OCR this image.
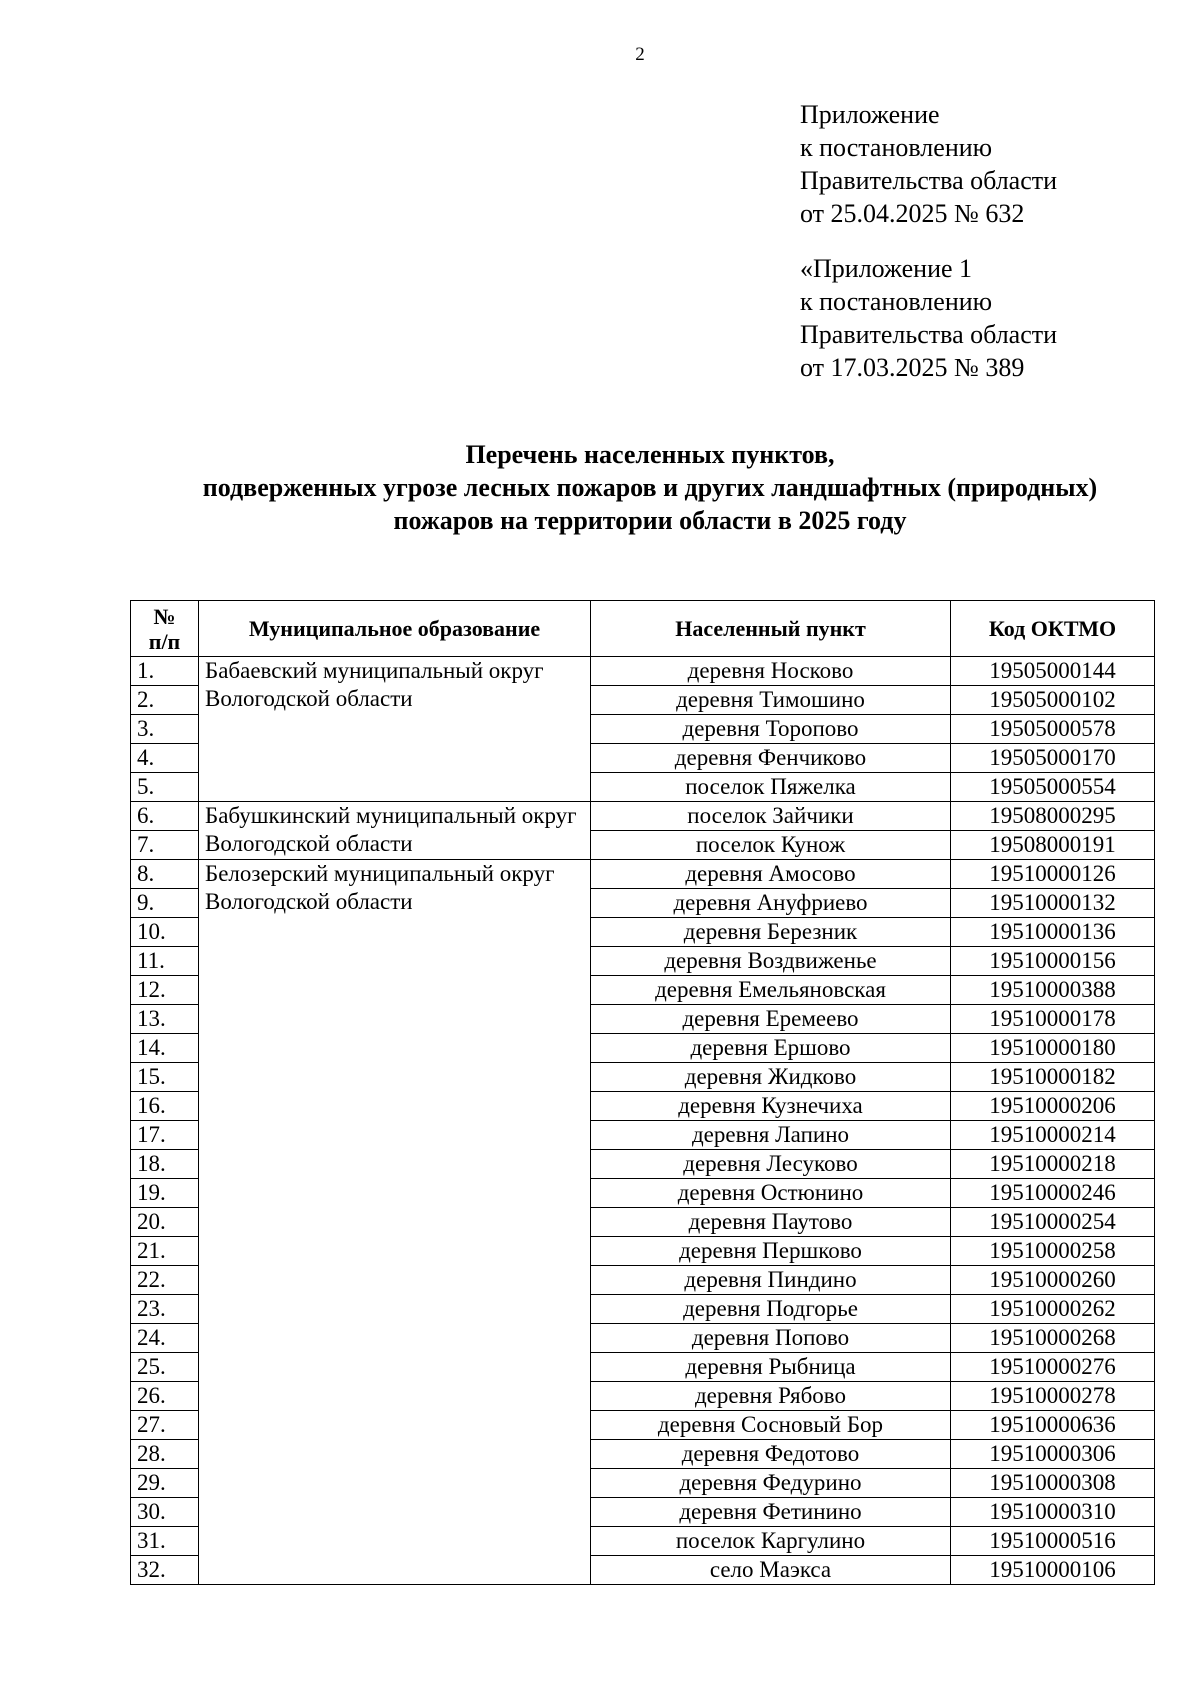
2
Приложение
к постановлению
Правительства области
от 25.04.2025 № 632
«Приложение 1
к постановлению
Правительства области
от 17.03.2025 № 389
Перечень населенных пунктов,
подверженных угрозе лесных пожаров и других ландшафтных (природных)
пожаров на территории области в 2025 году
№
п/п	Муниципальное образование	Населенный пункт	Код ОКТМО
1.	Бабаевский муниципальный округ Вологодской области	деревня Носково	19505000144
2.		деревня Тимошино	19505000102
3.		деревня Торопово	19505000578
4.		деревня Фенчиково	19505000170
5.		поселок Пяжелка	19505000554
6.	Бабушкинский муниципальный округ Вологодской области	поселок Зайчики	19508000295
7.		поселок Кунож	19508000191
8.	Белозерский муниципальный округ Вологодской области	деревня Амосово	19510000126
9.		деревня Ануфриево	19510000132
10.		деревня Березник	19510000136
11.		деревня Воздвиженье	19510000156
12.		деревня Емельяновская	19510000388
13.		деревня Еремеево	19510000178
14.		деревня Ершово	19510000180
15.		деревня Жидково	19510000182
16.		деревня Кузнечиха	19510000206
17.		деревня Лапино	19510000214
18.		деревня Лесуково	19510000218
19.		деревня Остюнино	19510000246
20.		деревня Паутово	19510000254
21.		деревня Першково	19510000258
22.		деревня Пиндино	19510000260
23.		деревня Подгорье	19510000262
24.		деревня Попово	19510000268
25.		деревня Рыбница	19510000276
26.		деревня Рябово	19510000278
27.		деревня Сосновый Бор	19510000636
28.		деревня Федотово	19510000306
29.		деревня Федурино	19510000308
30.		деревня Фетинино	19510000310
31.		поселок Каргулино	19510000516
32.		село Маэкса	19510000106
